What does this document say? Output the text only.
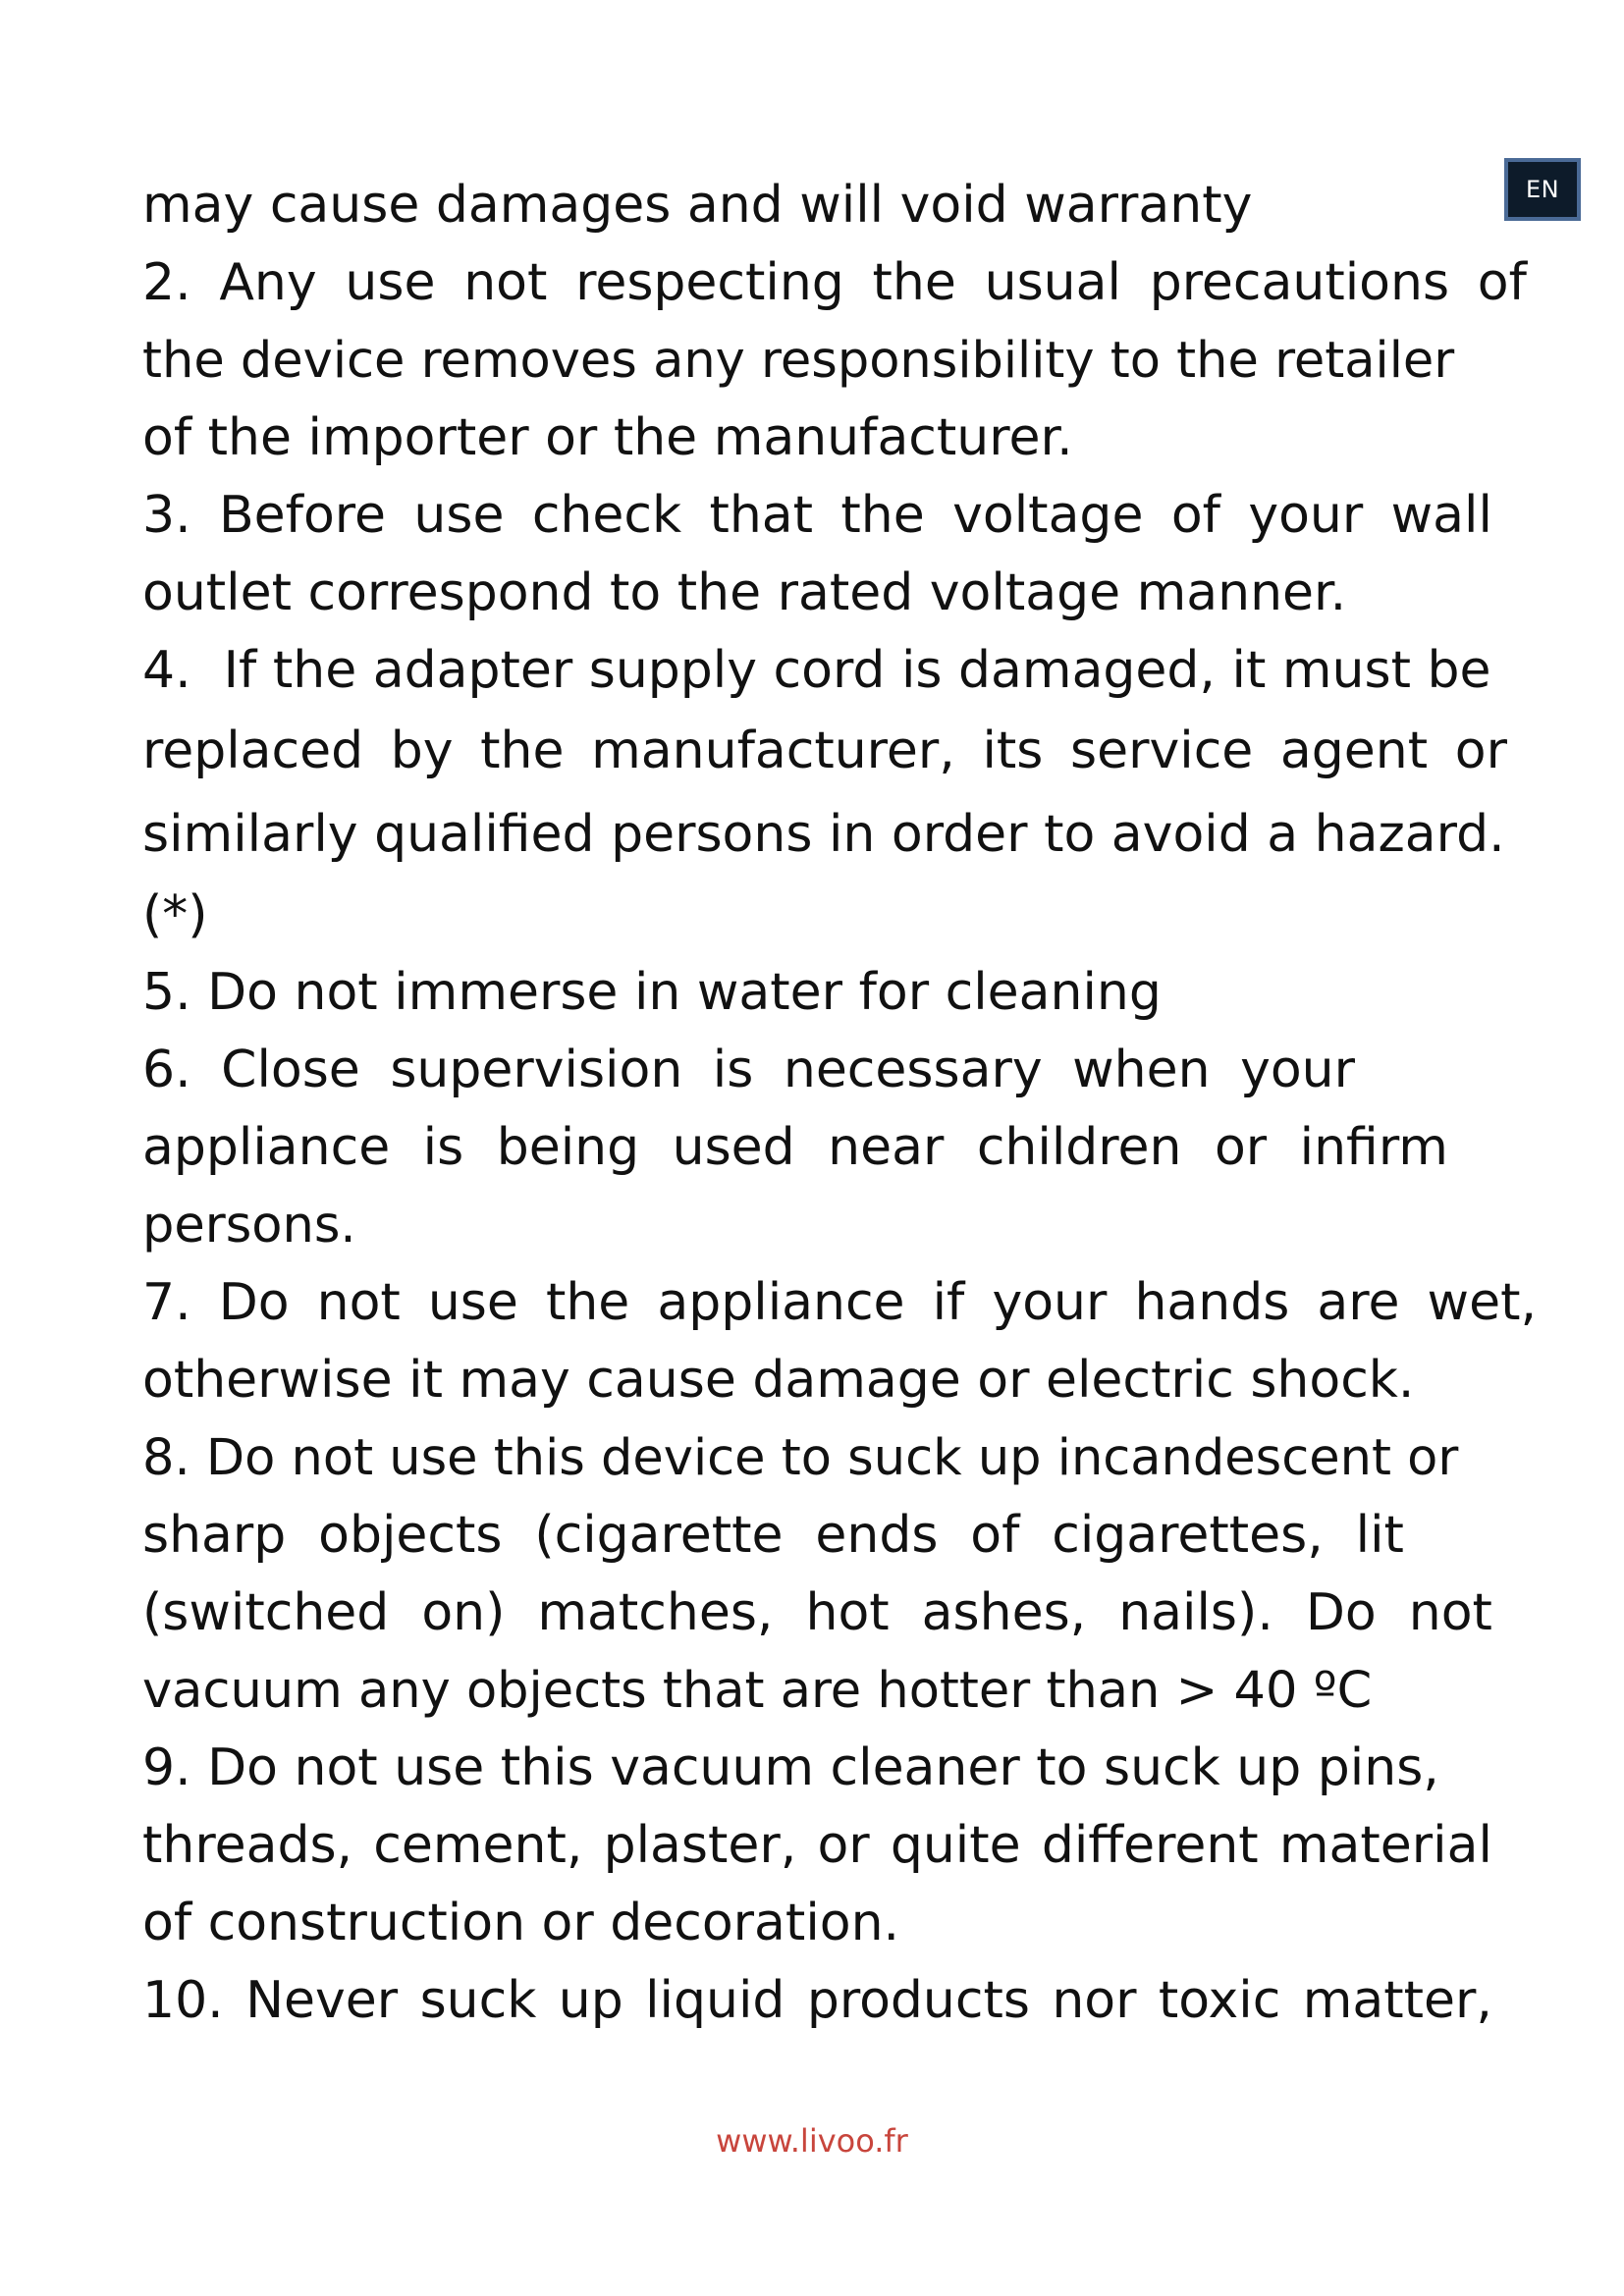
EN
may cause damages and will void warranty
2. Any use not respecting the usual precautions of
the device removes any responsibility to the retailer
of the importer or the manufacturer.
3. Before use check that the voltage of your wall
outlet correspond to the rated voltage manner.
4.  If the adapter supply cord is damaged, it must be
replaced by the manufacturer, its service agent or
similarly qualified persons in order to avoid a hazard.
(*)
5. Do not immerse in water for cleaning
6. Close supervision is necessary when your
appliance is being used near children or infirm
persons.
7. Do not use the appliance if your hands are wet,
otherwise it may cause damage or electric shock.
8. Do not use this device to suck up incandescent or
sharp objects (cigarette ends of cigarettes, lit
(switched on) matches, hot ashes, nails). Do not
vacuum any objects that are hotter than > 40 ºC
9. Do not use this vacuum cleaner to suck up pins,
threads, cement, plaster, or quite different material
of construction or decoration.
10. Never suck up liquid products nor toxic matter,
www.livoo.fr
